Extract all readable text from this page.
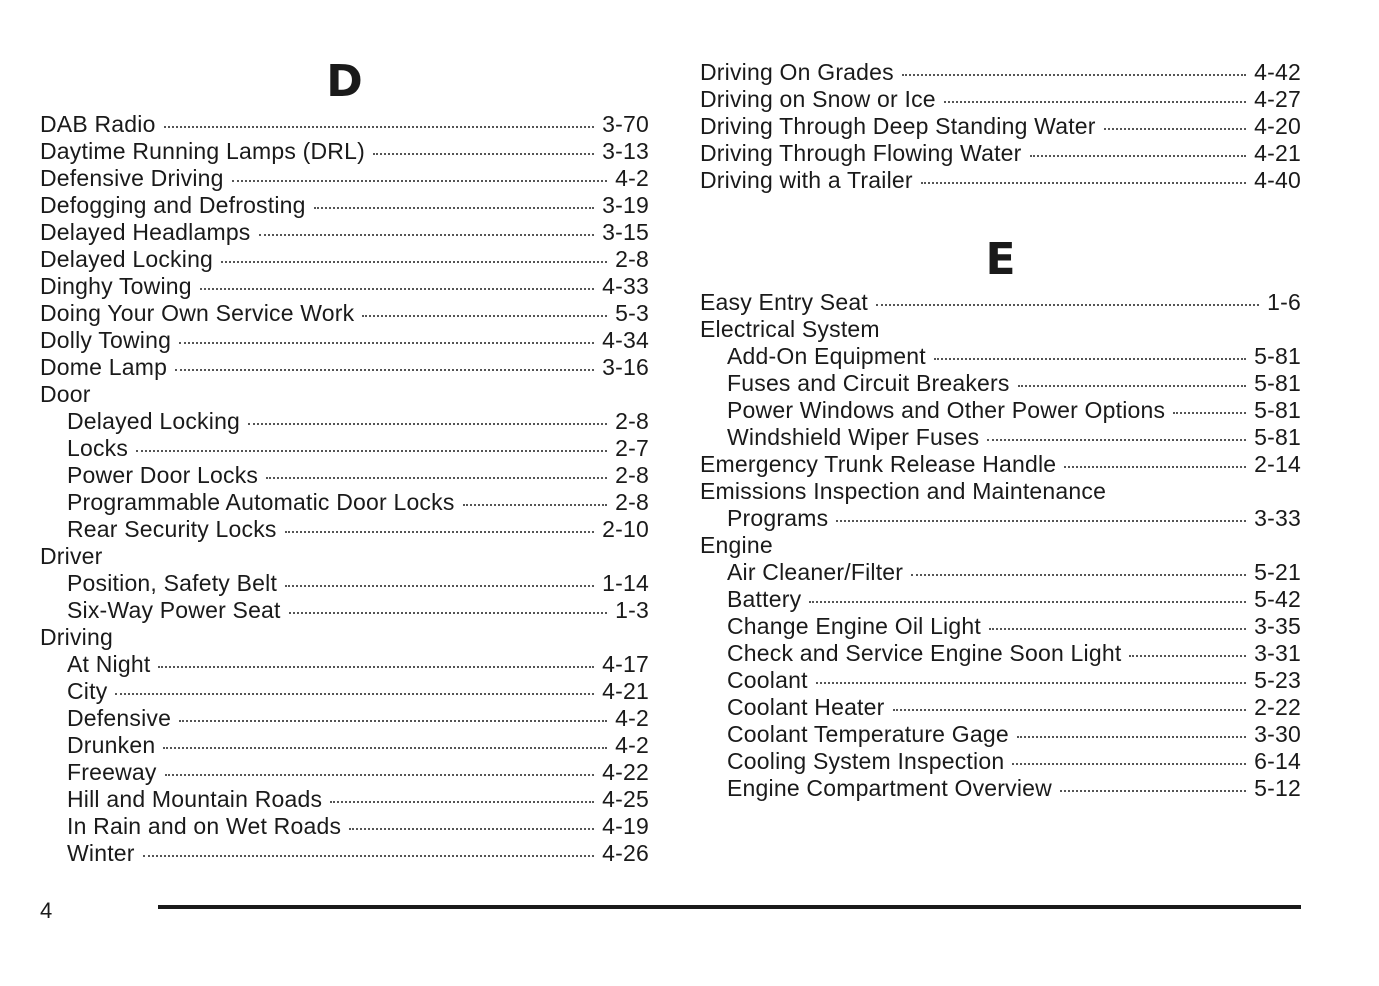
D
DAB Radio	3-70
Daytime Running Lamps (DRL)	3-13
Defensive Driving	4-2
Defogging and Defrosting	3-19
Delayed Headlamps	3-15
Delayed Locking	2-8
Dinghy Towing	4-33
Doing Your Own Service Work	5-3
Dolly Towing	4-34
Dome Lamp	3-16
Door
Delayed Locking	2-8
Locks	2-7
Power Door Locks	2-8
Programmable Automatic Door Locks	2-8
Rear Security Locks	2-10
Driver
Position, Safety Belt	1-14
Six-Way Power Seat	1-3
Driving
At Night	4-17
City	4-21
Defensive	4-2
Drunken	4-2
Freeway	4-22
Hill and Mountain Roads	4-25
In Rain and on Wet Roads	4-19
Winter	4-26
Driving On Grades	4-42
Driving on Snow or Ice	4-27
Driving Through Deep Standing Water	4-20
Driving Through Flowing Water	4-21
Driving with a Trailer	4-40
E
Easy Entry Seat	1-6
Electrical System
Add-On Equipment	5-81
Fuses and Circuit Breakers	5-81
Power Windows and Other Power Options	5-81
Windshield Wiper Fuses	5-81
Emergency Trunk Release Handle	2-14
Emissions Inspection and Maintenance
Programs	3-33
Engine
Air Cleaner/Filter	5-21
Battery	5-42
Change Engine Oil Light	3-35
Check and Service Engine Soon Light	3-31
Coolant	5-23
Coolant Heater	2-22
Coolant Temperature Gage	3-30
Cooling System Inspection	6-14
Engine Compartment Overview	5-12
4
